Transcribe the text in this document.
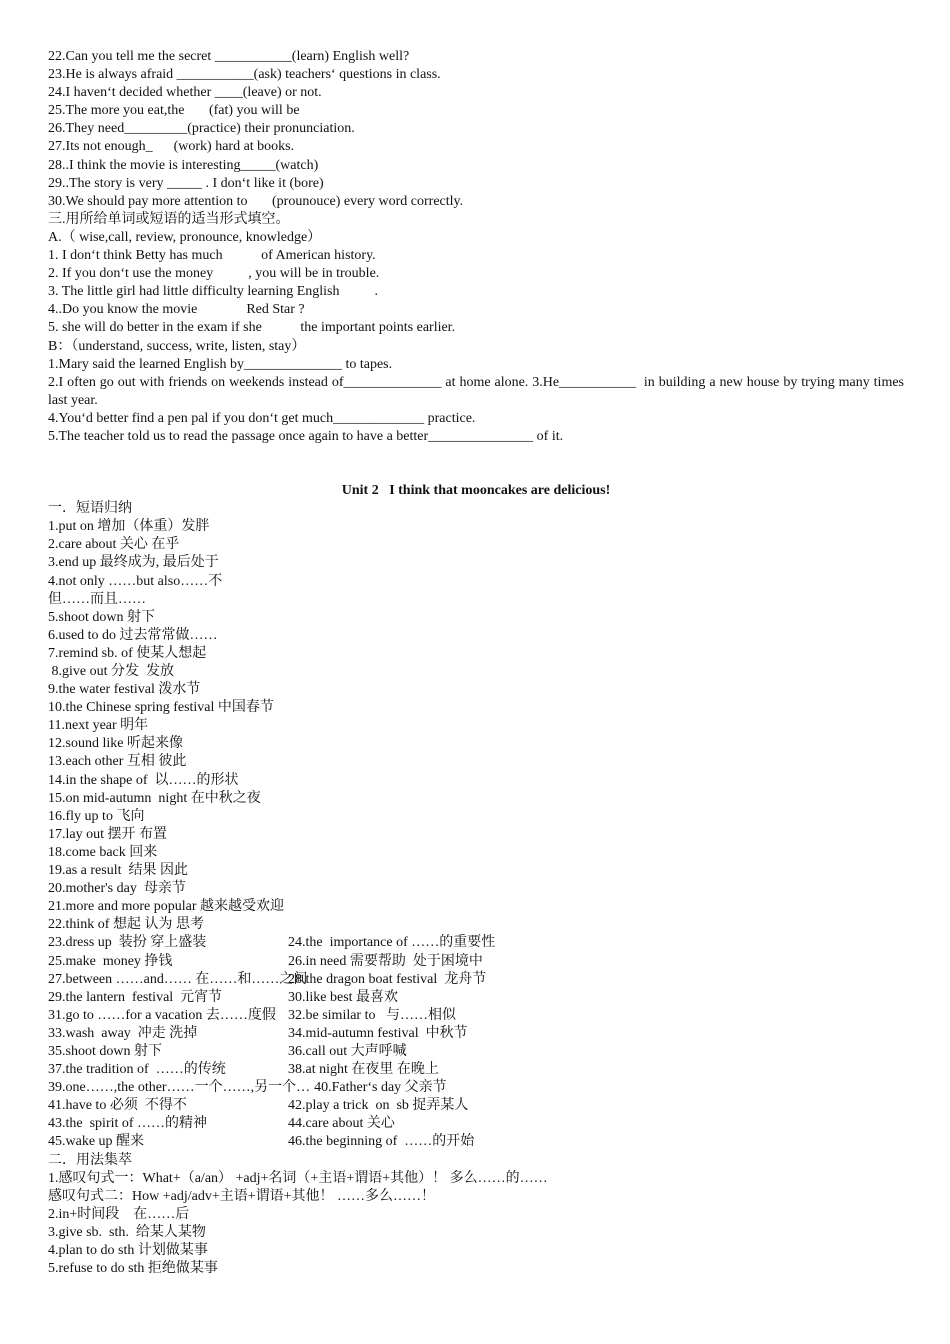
22.Can you tell me the secret ___________(learn) English well?
23.He is always afraid ___________(ask) teachers‘ questions in class.
24.I haven‘t decided whether ____(leave) or not.
25.The more you eat,the       (fat) you will be
26.They need_________(practice) their pronunciation.
27.Its not enough_      (work) hard at books.
28..I think the movie is interesting_____(watch)
29..The story is very _____ . I don‘t like it (bore)
30.We should pay more attention to       (prounouce) every word correctly.
三.用所给单词或短语的适当形式填空。
A.（ wise,call, review, pronounce, knowledge）
1. I don‘t think Betty has much           of American history.
2. If you don‘t use the money          , you will be in trouble.
3. The little girl had little difficulty learning English          .
4..Do you know the movie              Red Star ?
5. she will do better in the exam if she           the important points earlier.
B：（understand, success, write, listen, stay）
1.Mary said the learned English by______________ to tapes.
2.I often go out with friends on weekends instead of______________ at home alone. 3.He___________  in building a new house by trying many times last year.
4.You‘d better find a pen pal if you don‘t get much_____________ practice.
5.The teacher told us to read the passage once again to have a better_______________ of it.
Unit 2   I think that mooncakes are delicious!
一．短语归纳
1.put on 增加（体重）发胖
2.care about 关心 在乎
3.end up 最终成为, 最后处于
4.not only ……but also……不
但……而且……
5.shoot down 射下
6.used to do 过去常常做……
7.remind sb. of 使某人想起
8.give out 分发  发放
9.the water festival 泼水节
10.the Chinese spring festival 中国春节
11.next year 明年
12.sound like 听起来像
13.each other 互相 彼此
14.in the shape of  以……的形状
15.on mid-autumn  night 在中秋之夜
16.fly up to 飞向
17.lay out 摆开 布置
18.come back 回来
19.as a result  结果 因此
20.mother's day  母亲节
21.more and more popular 越来越受欢迎
22.think of 想起 认为 思考
23.dress up  装扮 穿上盛装	24.the  importance of ……的重要性
25.make  money 挣钱	26.in need 需要帮助  处于困境中
27.between ……and…… 在……和……之间
28.the dragon boat festival  龙舟节
29.the lantern  festival  元宵节	30.like best 最喜欢
31.go to ……for a vacation 去……度假 32.be similar to   与……相似
33.wash  away  冲走 洗掉	34.mid-autumn festival  中秋节
35.shoot down 射下	36.call out 大声呼喊
37.the tradition of  ……的传统	38.at night 在夜里 在晚上
39.one……,the other……一个……,另一个… 40.Father‘s day 父亲节
41.have to 必须  不得不	42.play a trick  on  sb 捉弄某人
43.the  spirit of ……的精神	44.care about 关心
45.wake up 醒来	46.the beginning of  ……的开始
二．用法集萃
1.感叹句式一：What+（a/an） +adj+名词（+主语+谓语+其他）！ 多么……的……
感叹句式二：How +adj/adv+主语+谓语+其他！ ……多么……！
2.in+时间段    在……后
3.give sb.  sth.  给某人某物
4.plan to do sth 计划做某事
5.refuse to do sth 拒绝做某事
